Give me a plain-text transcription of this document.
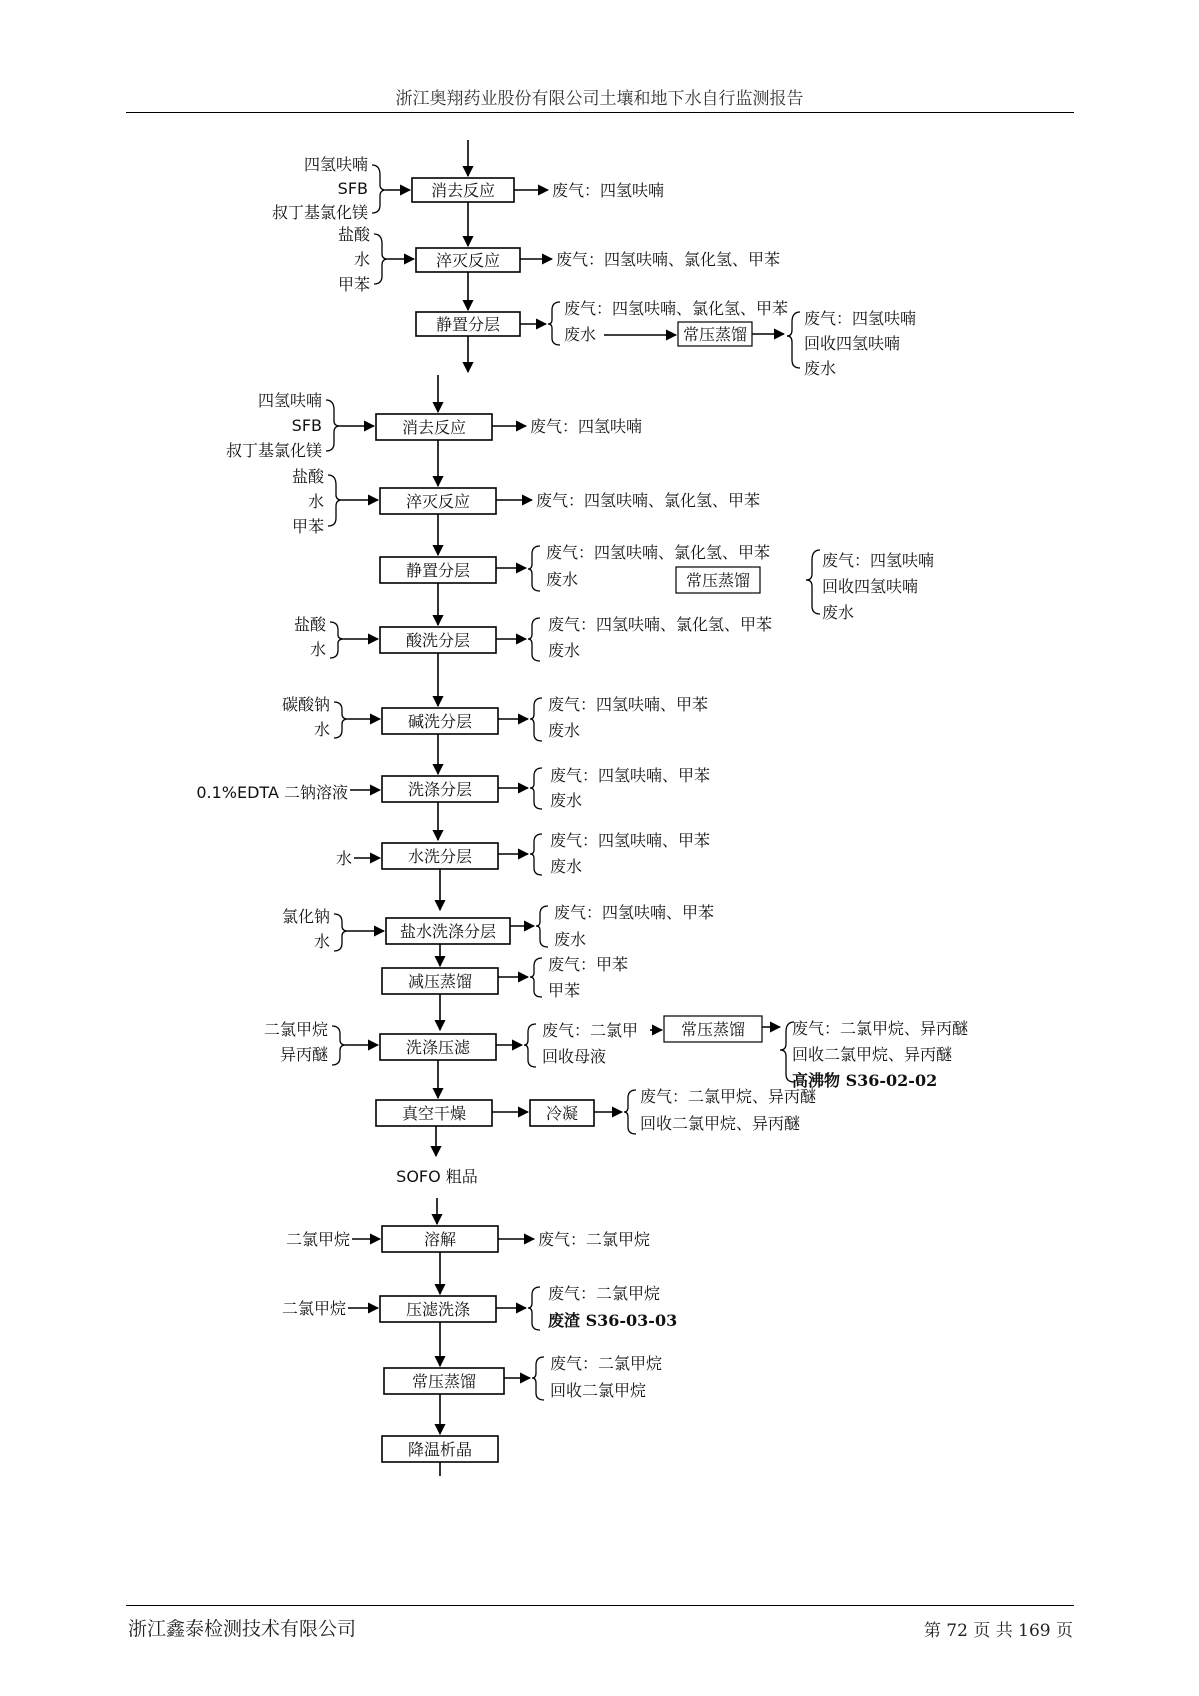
浙江奥翔药业股份有限公司土壤和地下水自行监测报告
四氢呋喃
SFB
叔丁基氯化镁
消去反应	废气：四氢呋喃
盐酸
水
甲苯
淬灭反应	废气：四氢呋喃、氯化氢、甲苯
静置分层
废气：四氢呋喃、氯化氢、甲苯
废水	常压蒸馏
废气：四氢呋喃
回收四氢呋喃
废水
四氢呋喃
SFB
叔丁基氯化镁
消去反应	废气：四氢呋喃
盐酸
水
甲苯
淬灭反应	废气：四氢呋喃、氯化氢、甲苯
静置分层
废气：四氢呋喃、氯化氢、甲苯
废水	常压蒸馏
废气：四氢呋喃
回收四氢呋喃
废水
盐酸
水	酸洗分层
废气：四氢呋喃、氯化氢、甲苯
废水
碳酸钠
水	碱洗分层
废气：四氢呋喃、甲苯
废水
0.1%EDTA 二钠溶液	洗涤分层
废气：四氢呋喃、甲苯
废水
水	水洗分层
废气：四氢呋喃、甲苯
废水
氯化钠
水
盐水洗涤分层
废气：四氢呋喃、甲苯
废水
减压蒸馏
废气：甲苯
甲苯
二氯甲烷
异丙醚	洗涤压滤
废气：二氯甲
回收母液
常压蒸馏	废气：二氯甲烷、异丙醚
回收二氯甲烷、异丙醚
高沸物 S36-02-02
真空干燥	冷凝
废气：二氯甲烷、异丙醚
回收二氯甲烷、异丙醚
SOFO 粗品
二氯甲烷	溶解	废气：二氯甲烷
二氯甲烷	压滤洗涤
废气：二氯甲烷
废渣 S36-03-03
常压蒸馏
废气：二氯甲烷
回收二氯甲烷
降温析晶
浙江鑫泰检测技术有限公司	第 72 页 共 169 页
